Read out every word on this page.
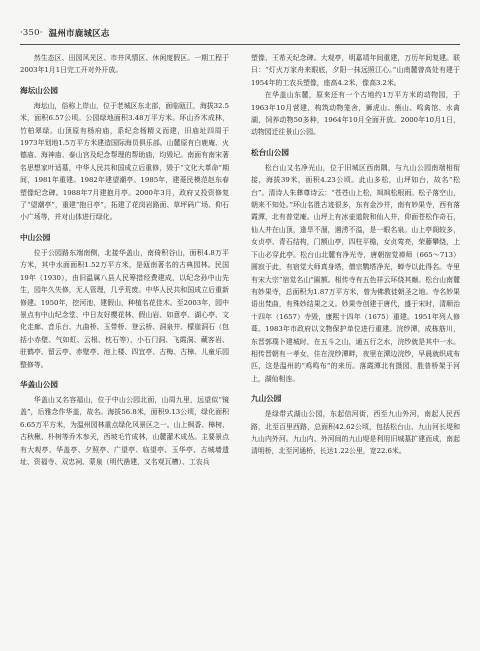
·350· 温州市鹿城区志

然生态区、田园风光区、市井风情区、休闲度假区。一期工程于2003年1月1日完工开对外开放。

海坛山公园

海坛山，俗称上岸山，位于老城区东北部，面临瓯江，海拔32.5米，面积6.57公顷。公园绿地面积3.48万平方米。环山乔木成林，竹柏翠绿。山顶原有杨府庙，系纪念杨精义而建，旧庙址四周于1973年划地1.5万平方米建造国际海员俱乐部。山麓原有白鹿庵、火德庙、海神庙、泰山宫及纪念帮理的帮助庙，均毁圮。南面有南宋著名思想家叶适墓，中华人民共和国成立后重修，毁于“文化大革命”期间，1981年重建。1982年建望潮亭。1985年，建菱民模范赵东春塑像纪念碑。1988年7月建抱月亭。2000年3月，政府又投资修复了“望潮亭”，重建“抱日亭”，拓建了花岗岩路面、草坪码广场、仰石小广场等，并对山体进行绿化。

中山公园

位于公园路东端南侧，北接华盖山，南倚积谷山，面积4.8万平方米，其中水面面积1.52万平方米，是瓯南著名的古典园林。民国19年（1930），由旧温属八县人民筹措经费建成，以纪念孙中山先生，园年久失修，无人管理，几乎荒废。中华人民共和国成立后重新修建。1950年，挖河池，建假山，种植名花佳木。至2003年，园中景点有中山纪念堂、中日友好樱花林、假山岩、如意亭、湖心亭、文化走廊、音乐台、九曲桥、玉带桥、登云桥、洞泉井、檬崖洞石（包括小赤壁、气如虹、云根、枕石等），小石门洞、飞霞洞、藏客岩、驻鹤亭、留云亭、赤壁亭、池上楼、四宜亭、古梅、古樟、儿童乐园整修等。

华盖山公园

华盖山又名容福山，位于中山公园北面，山周九里，远望似“镜盖”，后雅念作华盖，故名。海拔56.8米，面积9.13公顷，绿化面积6.65万平方米，为温州园林重点绿化风景区之一。山上枫香、樟树、古秋楸、朴树等乔木参天，西坡毛竹成林，山麓灌木成丛。主要景点有大观亭、华盖亭、夕照亭、广望亭、临望亭、玉华亭、古城墙遗址、资福寺、双忠祠、蒙泉（明代凿建，又名观瓦槽）、工农兵

塑像、王希天纪念碑。大观亭，明嘉靖年间重建，万历年间复建。联曰：“灯火万家舟来眼底，夕阳一抹远照江心。”山南麓曾高处有建于1954年的工农兵塑像，座高4.2米，像高3.2米。

在华盖山东麓，原来还有一个古地约1万平方米的动物园，于1963年10月营建，构筑动物笼舍，狮虎山、熊山、鸣禽馆、水禽湖，饲养动物50多种，1964年10月全面开放。2000年10月1日，动物园迁往景山公园。

松台山公园

松台山又名净光山，位于旧城区西南隅，与九山公园南端相衔接，海拔39米，面积4.23公顷。此山多松，山坪如台，故名“松台”。清诗人朱彝尊诗云：“苍苍山上松，飒飒松根雨。松子落空山，朝来不知处。”环山名胜古迹很多，东有金沙井，南有妙果寺，西有落霞潭，北有普觉庵。山坪上有冰壶道院和仙人井，仰面苍松作奇石，仙人井在山顶，逢旱不涸，遇涝不溢，是一眼名泉。山上亭阁较多，女贞亭、青石结构，门额山亭，四柱平檐，女贞莺亮，荣藤攀绕，上下山必穿此亭。松台山北麓有净光寺，唐朝宿觉禅师（665～713）圆寂于此，有宿觉大师真身塔，僧宗鹦塔净光，蝉寺以此得名。寺里有宋大宗“宿觉名山”匾额。相传寺有五色祥云环绕其巅。松台山南麓有妙果寺，总面积为1.87万平方米，曾为佛教徒朝圣之地。寺名妙果语出梵曲，有殊妙结果之义。妙果寺创建于唐代，盛于宋时，清顺治十四年（1657）寺毁，康熙十四年（1675）重建。1951年列人修葺。1983年市政府以文物保护单位进行重建。浣纱潭，成栋筋川，东晋郭璞卜建城时，在五斗之山，通五行之水，浣纱就是其中一水。相传晋朝有一孝女，住在浣纱潭畔，夜里在潭边浣纱，早晨就织成布匹，这是温州的“鸡鸣布”的来历。落霞潭北有摄园，胜普桥架于河上，湖仙相连。

九山公园

是绿带式湖山公园，东起信河街，西至九山外河，南起人民西路，北至百里西路，总面积42.62公顷，包括松台山、九山河长堤和九山内外河。九山内、外河间的九山堤是利用旧城墓扩建而成，南起清明桥，北至河通桥，长达1.22公里，宽22.6米。
